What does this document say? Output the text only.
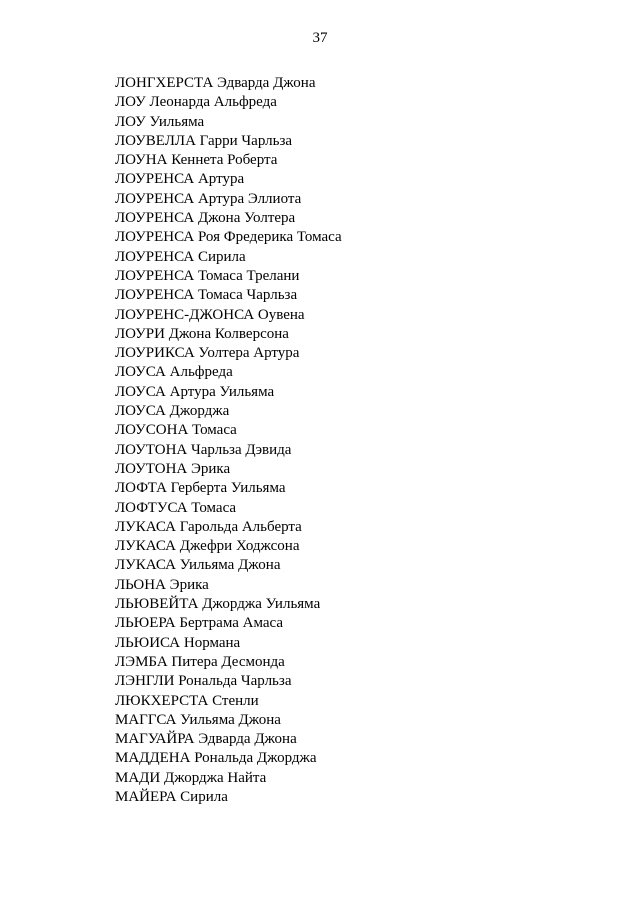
37
ЛОНГХЕРСТА Эдварда Джона
ЛОУ Леонарда Альфреда
ЛОУ Уильяма
ЛОУВЕЛЛА Гарри Чарльза
ЛОУНА Кеннета Роберта
ЛОУРЕНСА Артура
ЛОУРЕНСА Артура Эллиота
ЛОУРЕНСА Джона Уолтера
ЛОУРЕНСА Роя Фредерика Томаса
ЛОУРЕНСА Сирила
ЛОУРЕНСА Томаса Трелани
ЛОУРЕНСА Томаса Чарльза
ЛОУРЕНС-ДЖОНСА Оувена
ЛОУРИ Джона Колверсона
ЛОУРИКСА Уолтера Артура
ЛОУСА Альфреда
ЛОУСА Артура Уильяма
ЛОУСА Джорджа
ЛОУСОНА Томаса
ЛОУТОНА Чарльза Дэвида
ЛОУТОНА Эрика
ЛОФТА Герберта Уильяма
ЛОФТУСА Томаса
ЛУКАСА Гарольда Альберта
ЛУКАСА Джефри Ходжсона
ЛУКАСА Уильяма Джона
ЛЬОНА Эрика
ЛЬЮВЕЙТА Джорджа Уильяма
ЛЬЮЕРА Бертрама Амаса
ЛЬЮИСА Нормана
ЛЭМБА Питера Десмонда
ЛЭНГЛИ Рональда Чарльза
ЛЮКХЕРСТА Стенли
МАГГСА Уильяма Джона
МАГУАЙРА Эдварда Джона
МАДДЕНА Рональда Джорджа
МАДИ Джорджа Найта
МАЙЕРА Сирила
